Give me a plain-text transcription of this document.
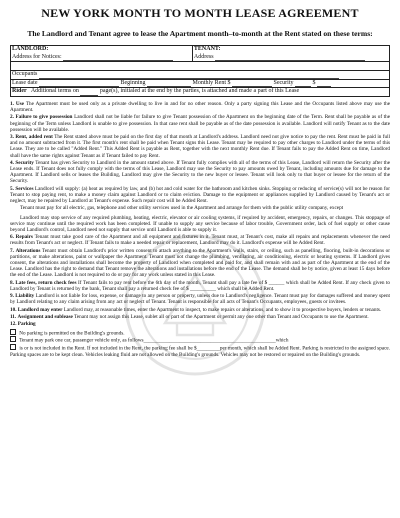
NEW YORK MONTH TO MONTH LEASE AGREEMENT
The Landlord and Tenant agree to lease the Apartment month–to-month at the Rent stated on these terms:
LANDLORD:	TENANT:
Address for Notices:	Address

Occupants	
Lease date Beginning Monthly Rent $ Security $	
Rider Additional terms on page(s), initialed at the end by the parties, is attached and made a part of this Lease	

1. Use The Apartment must be used only as a private dwelling to live in and for no other reason. Only a party signing this Lease and the Occupants listed above may use the Apartment.

2. Failure to give possession Landlord shall not be liable for failure to give Tenant possession of the Apartment on the beginning date of the Term. Rent shall be payable as of the beginning of the Term unless Landlord is unable to give possession. In that case rent shall be payable as of the date possession is available. Landlord will notify Tenant as to the date possession will be available.

3. Rent, added rent The Rent stated above must be paid on the first day of that month at Landlord's address. Landlord need not give notice to pay the rent. Rent must be paid in full and no amount subtracted from it. The first month's rent shall be paid when Tenant signs this Lease. Tenant may be required to pay other charges to Landlord under the terms of this Lease. They are to be called "Added Rent." This Added Rent is payable as Rent, together with the next monthly Rent due. If Tenant fails to pay the Added Rent on time, Landlord shall have the same rights against Tenant as if Tenant failed to pay Rent.

4. Security Tenant has given Security to Landlord in the amount stated above. If Tenant fully complies with all of the terms of this Lease, Landlord will return the Security after the Lease ends. If Tenant does not fully comply with the terms of this Lease, Landlord may use the Security to pay amounts owed by Tenant, including amounts due for damage to the Apartment. If Landlord sells or leases the Building, Landlord may give the Security to the new buyer or lessee. Tenant will look only to that buyer or lessee for the return of the Security.

5. Services Landlord will supply: (a) heat as required by law, and (b) hot and cold water for the bathroom and kitchen sinks. Stopping or reducing of service(s) will not be reason for Tenant to stop paying rent, to make a money claim against Landlord or to claim eviction. Damage to the equipment or appliances supplied by Landlord caused by Tenant's act or neglect, may be repaired by Landlord at Tenant's expense. Such repair cost will be Added Rent.

Tenant must pay for all electric, gas, telephone and other utility services used in the Apartment and arrange for them with the public utility company, except

Landlord may stop service of any required plumbing, heating, electric, elevator or air cooling systems, if required by accident, emergency, repairs, or changes. This stoppage of service may continue until the required work has been completed. If unable to supply any service because of labor trouble, Government order, lack of fuel supply or other cause beyond Landlord's control, Landlord need not supply that service until Landlord is able to supply it.

6. Repairs Tenant must take good care of the Apartment and all equipment and fixtures in it. Tenant must, at Tenant's cost, make all repairs and replacements whenever the need results from Tenant's act or neglect. If Tenant fails to make a needed repair or replacement, Landlord may do it. Landlord's expense will be Added Rent.

7. Alterations Tenant must obtain Landlord's prior written consent to attach anything to the Apartment's walls, stairs, or ceiling, such as panelling, flooring, built-in decorations or partitions, or make alterations, paint or wallpaper the Apartment. Tenant must not change the plumbing, ventilating, air conditioning, electric or heating systems. If Landlord gives consent, the alterations and installations shall become the property of Landlord when completed and paid for, and shall remain with and as part of the Apartment at the end of the Lease. Landlord has the right to demand that Tenant remove the alterations and installations before the end of the Lease. The demand shall be by notice, given at least 15 days before the end of the Lease. Landlord is not required to do or pay for any work unless stated in this Lease.

8. Late fees, return check fees If Tenant fails to pay rent before the 6th day of the month, Tenant shall pay a late fee of $ ______ which shall be Added Rent. If any check given to Landlord by Tenant is returned by the bank, Tenant shall pay a returned check fee of $ __________ which shall be Added Rent.

9. Liability Landlord is not liable for loss, expense, or damage to any person or property, unless due to Landlord's negligence. Tenant must pay for damages suffered and money spent by Landlord relating to any claim arising from any act or neglect of Tenant. Tenant is responsible for all acts of Tenant's Occupants, employees, guests or invitees.

10. Landlord may enter Landlord may, at reasonable times, enter the Apartment to inspect, to make repairs or alterations, and to show it to prospective buyers, lenders or tenants.

11. Assignment and sublease Tenant may not assign this Lease, sublet all or part of the Apartment or permit any one other than Tenant and Occupants to use the Apartment.

12. Parking

No parking is permitted on the Building's grounds.

Tenant may park one car, passenger vehicle only, as follows___________________________________________________which

is or is not included in the Rent. If not included in the Rent, the parking fee shall be $_________per month, which shall be Added Rent. Parking is restricted to the assigned space. Parking spaces are to be kept clean. Vehicles leaking fluid are not allowed on the Building's grounds. Vehicles may not be restored or repaired on the Building's grounds.
